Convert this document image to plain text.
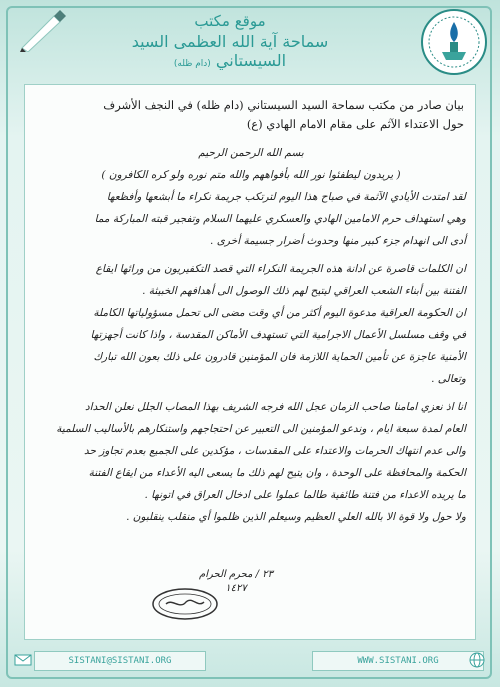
موقع مكتب
سماحة آية الله العظمى السيد السيستاني (دام ظله)
بيان صادر من مكتب سماحة السيد السيستاني (دام ظله) في النجف الأشرف
حول الاعتداء الآثم على مقام الامام الهادي (ع)

بسم الله الرحمن الرحيم

( يريدون ليطفئوا نور الله بأفواههم والله متم نوره ولو كره الكافرون )

لقد امتدت الأيادي الآثمة في صباح هذا اليوم لترتكب جريمة نكراء ما أبشعها وأفظعها

وهي استهداف حرم الامامين الهادي والعسكري عليهما السلام وتفجير قبته المباركة مما

أدى الى انهدام جزء كبير منها وحدوث أضرار جسيمة أخرى .

ان الكلمات قاصرة عن ادانة هذه الجريمة النكراء التي قصد التكفيريون من ورائها ايقاع

الفتنة بين أبناء الشعب العراقي ليتيح لهم ذلك الوصول الى أهدافهم الخبيثة .

ان الحكومة العراقية مدعوة اليوم أكثر من أي وقت مضى الى تحمل مسؤولياتها الكاملة

في وقف مسلسل الأعمال الاجرامية التي تستهدف الأماكن المقدسة ، واذا كانت أجهزتها

الأمنية عاجزة عن تأمين الحماية اللازمة فان المؤمنين قادرون على ذلك بعون الله تبارك

وتعالى .

انا اذ نعزي امامنا صاحب الزمان عجل الله فرجه الشريف بهذا المصاب الجلل نعلن الحداد

العام لمدة سبعة ايام ، وندعو المؤمنين الى التعبير عن احتجاجهم واستنكارهم بالأساليب السلمية

والى عدم انتهاك الحرمات والاعتداء على المقدسات ، مؤكدين على الجميع بعدم تجاوز حد

الحكمة والمحافظة على الوحدة ، وان يتيح لهم ذلك ما يسعى اليه الأعداء من ايقاع الفتنة

ما يريده الاعداء من فتنة طائفية طالما عملوا على ادخال العراق في اتونها .

ولا حول ولا قوة الا بالله العلي العظيم وسيعلم الذين ظلموا أي منقلب ينقلبون .

٢٣ / محرم الحرام
١٤٢٧
SISTANI@SISTANI.ORG	WWW.SISTANI.ORG
